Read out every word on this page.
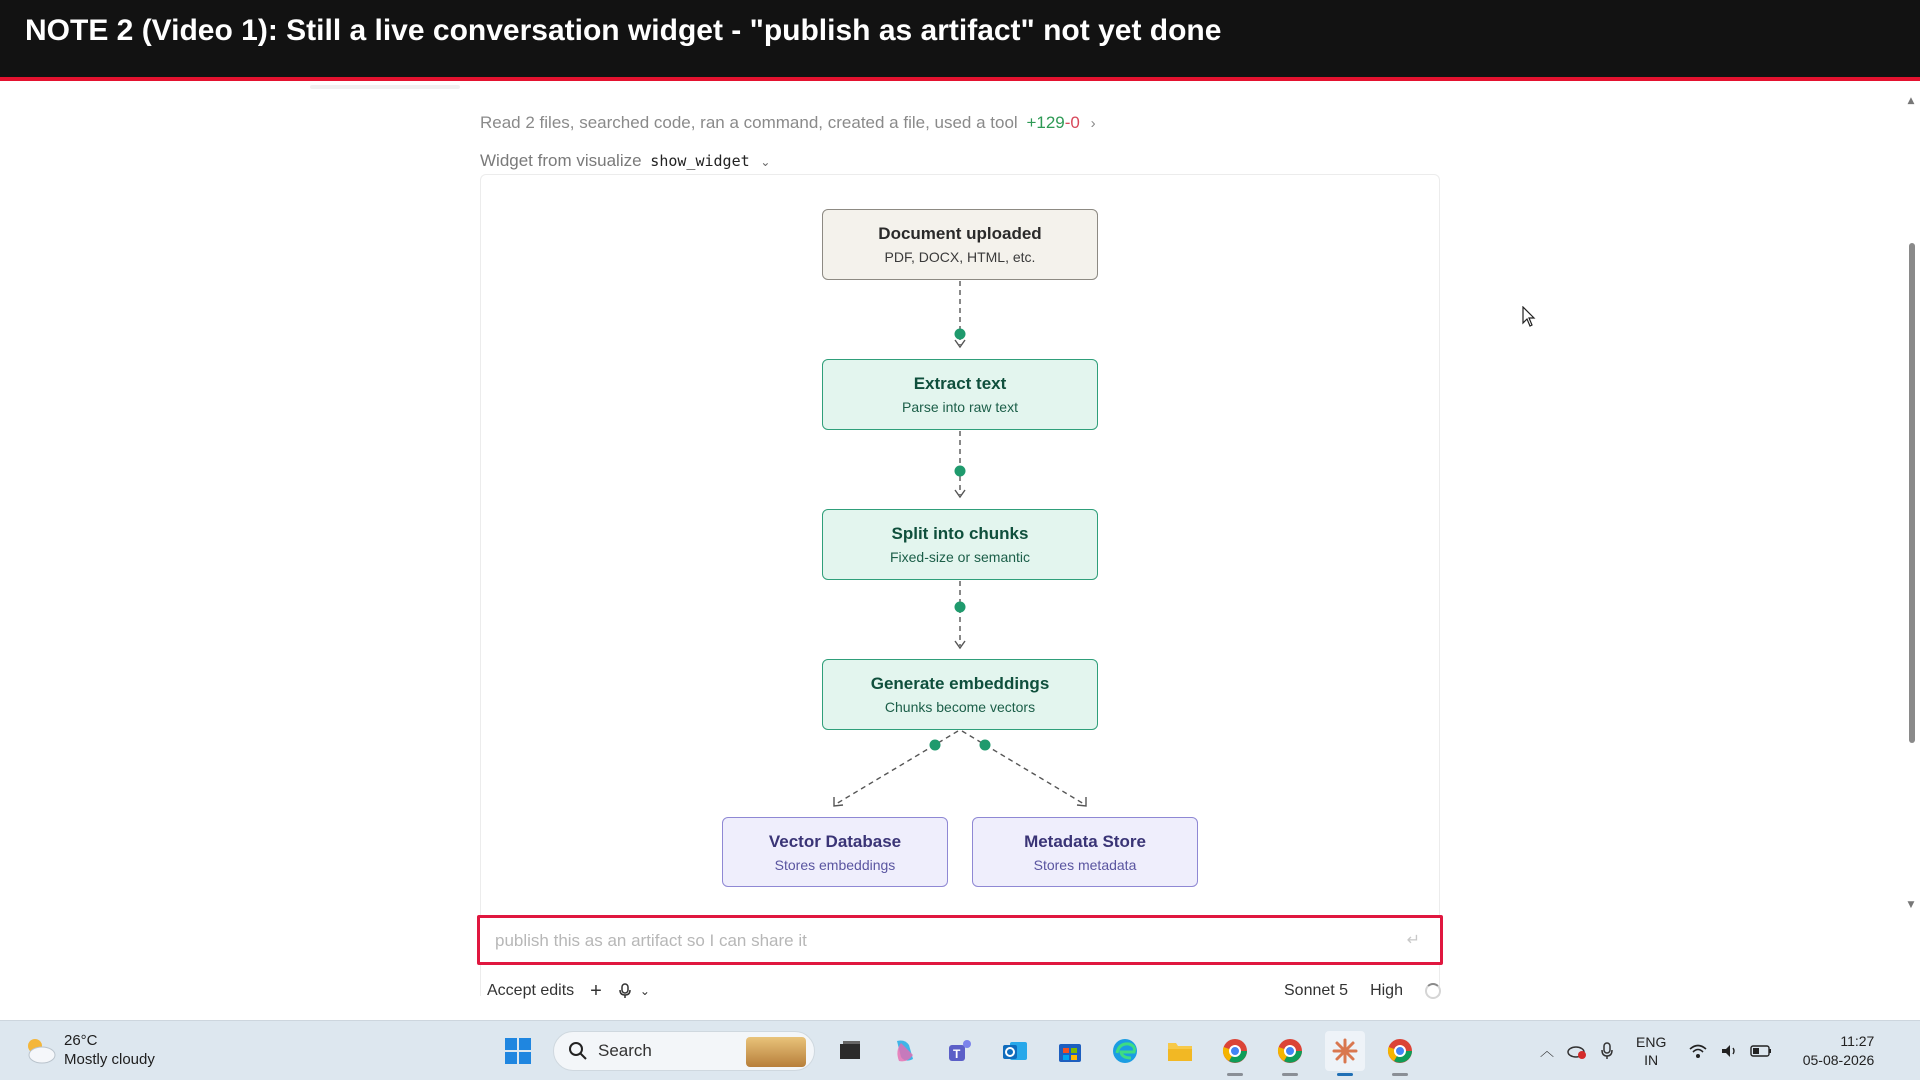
NOTE 2 (Video 1): Still a live conversation widget - "publish as artifact" not yet done
Read 2 files, searched code, ran a command, created a file, used a tool +129-0 ›
Widget from visualize show_widget ⌄
Document uploaded
PDF, DOCX, HTML, etc.
Extract text
Parse into raw text
Split into chunks
Fixed-size or semantic
Generate embeddings
Chunks become vectors
Vector Database
Stores embeddings
Metadata Store
Stores metadata
▲
▼
publish this as an artifact so I can share it	↵
Accept edits +	⌄	Sonnet 5 High
26°C
Mostly cloudy	Search	T	︿
ENG
IN
11:27
05-08-2026
